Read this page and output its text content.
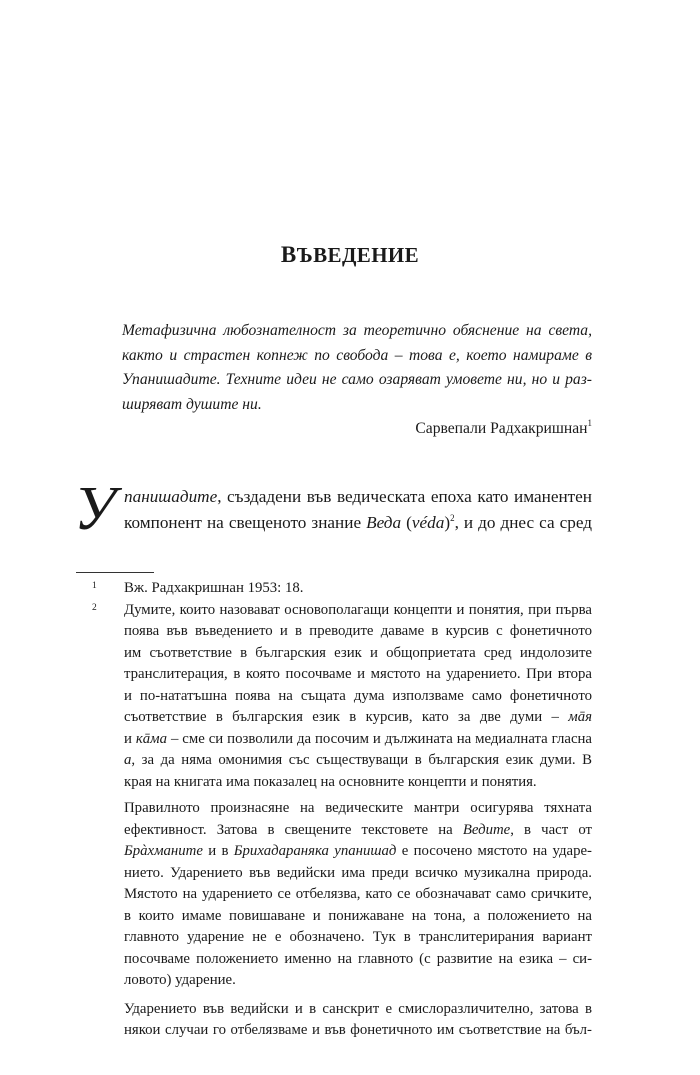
ВЪВЕДЕНИЕ
Метафизична любознателност за теоретично обяснение на света,
както и страстен копнеж по свобода – това е, което намираме в
Упанишадите. Техните идеи не само озаряват умовете ни, но и раз-
ширяват душите ни.
Сарвепали Радхакришнан$^1$
У панишадите, създадени във ведическата епоха като иманентен
компонент на свещеното знание Веда (véda)$^2$, и до днес са сред
1 Вж. Радхакришнан 1953: 18.
2 Думите, които назовават основополагащи концепти и понятия, при първа
поява във въведението и в преводите даваме в курсив с фонетичното
им съответствие в българския език и общоприетата сред индолозите
транслитерация, в която посочваме и мястото на ударението. При втора
и по-нататъшна поява на същата дума използваме само фонетичното
съответствие в българския език в курсив, като за две думи – мāя
и кāма – сме си позволили да посочим и дължината на медиалната гласна
а, за да няма омонимия със съществуващи в българския език думи. В
края на книгата има показалец на основните концепти и понятия.
Правилното произнасяне на ведическите мантри осигурява тяхната
ефективност. Затова в свещените текстовете на Ведите, в част от
Брàхманите и в Брихадараняка упанишад е посочено мястото на ударе-
нието. Ударението във ведийски има преди всичко музикална природа.
Мястото на ударението се отбелязва, като се обозначават само сричките,
в които имаме повишаване и понижаване на тона, а положението на
главното ударение не е обозначено. Тук в транслитерирания вариант
посочваме положението именно на главното (с развитие на езика – си-
ловото) ударение.
Ударението във ведийски и в санскрит е смислоразличително, затова в
някои случаи го отбелязваме и във фонетичното им съответствие на бъл-
